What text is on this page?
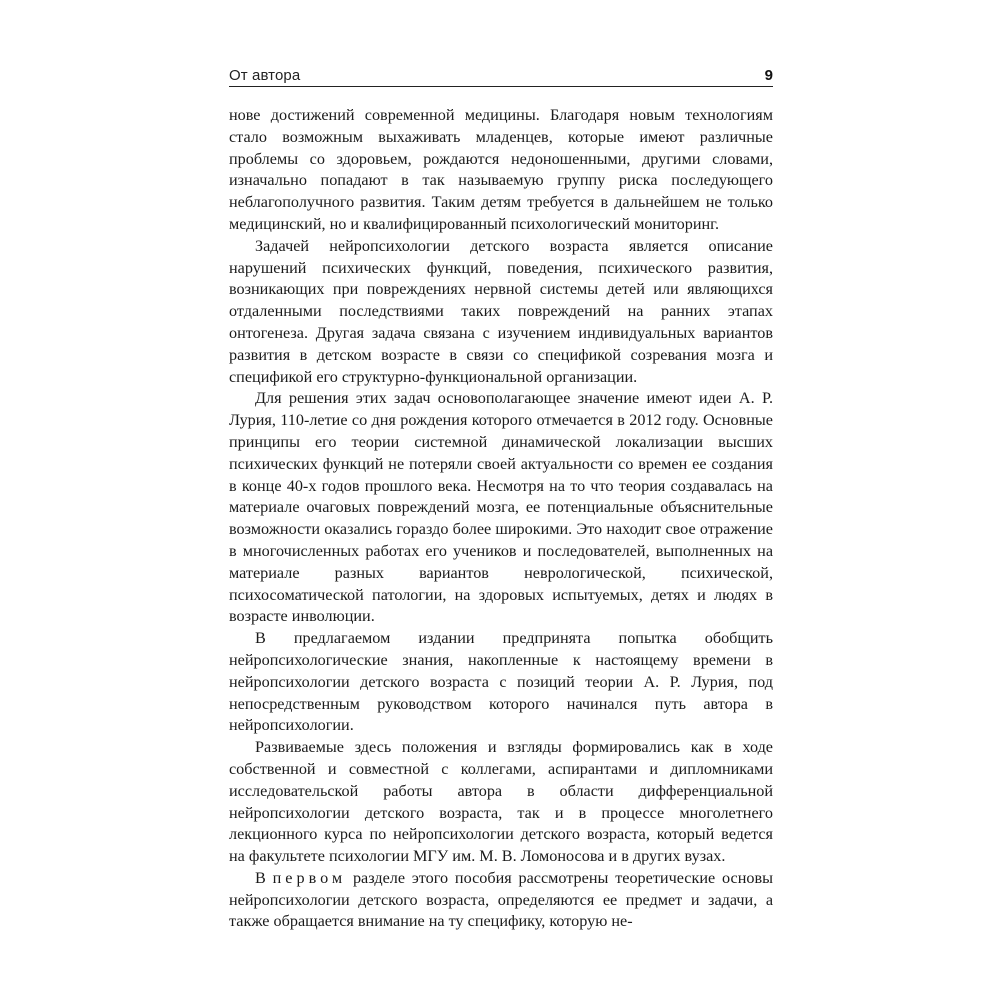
От автора	9

нове достижений современной медицины. Благодаря новым технологиям стало возможным выхаживать младенцев, которые имеют различные проблемы со здоровьем, рождаются недоношенными, другими словами, изначально попадают в так называемую группу риска последующего неблагополучного развития. Таким детям требуется в дальнейшем не только медицинский, но и квалифицированный психологический мониторинг.

Задачей нейропсихологии детского возраста является описание нарушений психических функций, поведения, психического развития, возникающих при повреждениях нервной системы детей или являющихся отдаленными последствиями таких повреждений на ранних этапах онтогенеза. Другая задача связана с изучением индивидуальных вариантов развития в детском возрасте в связи со спецификой созревания мозга и спецификой его структурно-функциональной организации.

Для решения этих задач основополагающее значение имеют идеи А. Р. Лурия, 110-летие со дня рождения которого отмечается в 2012 году. Основные принципы его теории системной динамической локализации высших психических функций не потеряли своей актуальности со времен ее создания в конце 40-х годов прошлого века. Несмотря на то что теория создавалась на материале очаговых повреждений мозга, ее потенциальные объяснительные возможности оказались гораздо более широкими. Это находит свое отражение в многочисленных работах его учеников и последователей, выполненных на материале разных вариантов неврологической, психической, психосоматической патологии, на здоровых испытуемых, детях и людях в возрасте инволюции.

В предлагаемом издании предпринята попытка обобщить нейропсихологические знания, накопленные к настоящему времени в нейропсихологии детского возраста с позиций теории А. Р. Лурия, под непосредственным руководством которого начинался путь автора в нейропсихологии.

Развиваемые здесь положения и взгляды формировались как в ходе собственной и совместной с коллегами, аспирантами и дипломниками исследовательской работы автора в области дифференциальной нейропсихологии детского возраста, так и в процессе многолетнего лекционного курса по нейропсихологии детского возраста, который ведется на факультете психологии МГУ им. М. В. Ломоносова и в других вузах.

В первом разделе этого пособия рассмотрены теоретические основы нейропсихологии детского возраста, определяются ее предмет и задачи, а также обращается внимание на ту специфику, которую не-
